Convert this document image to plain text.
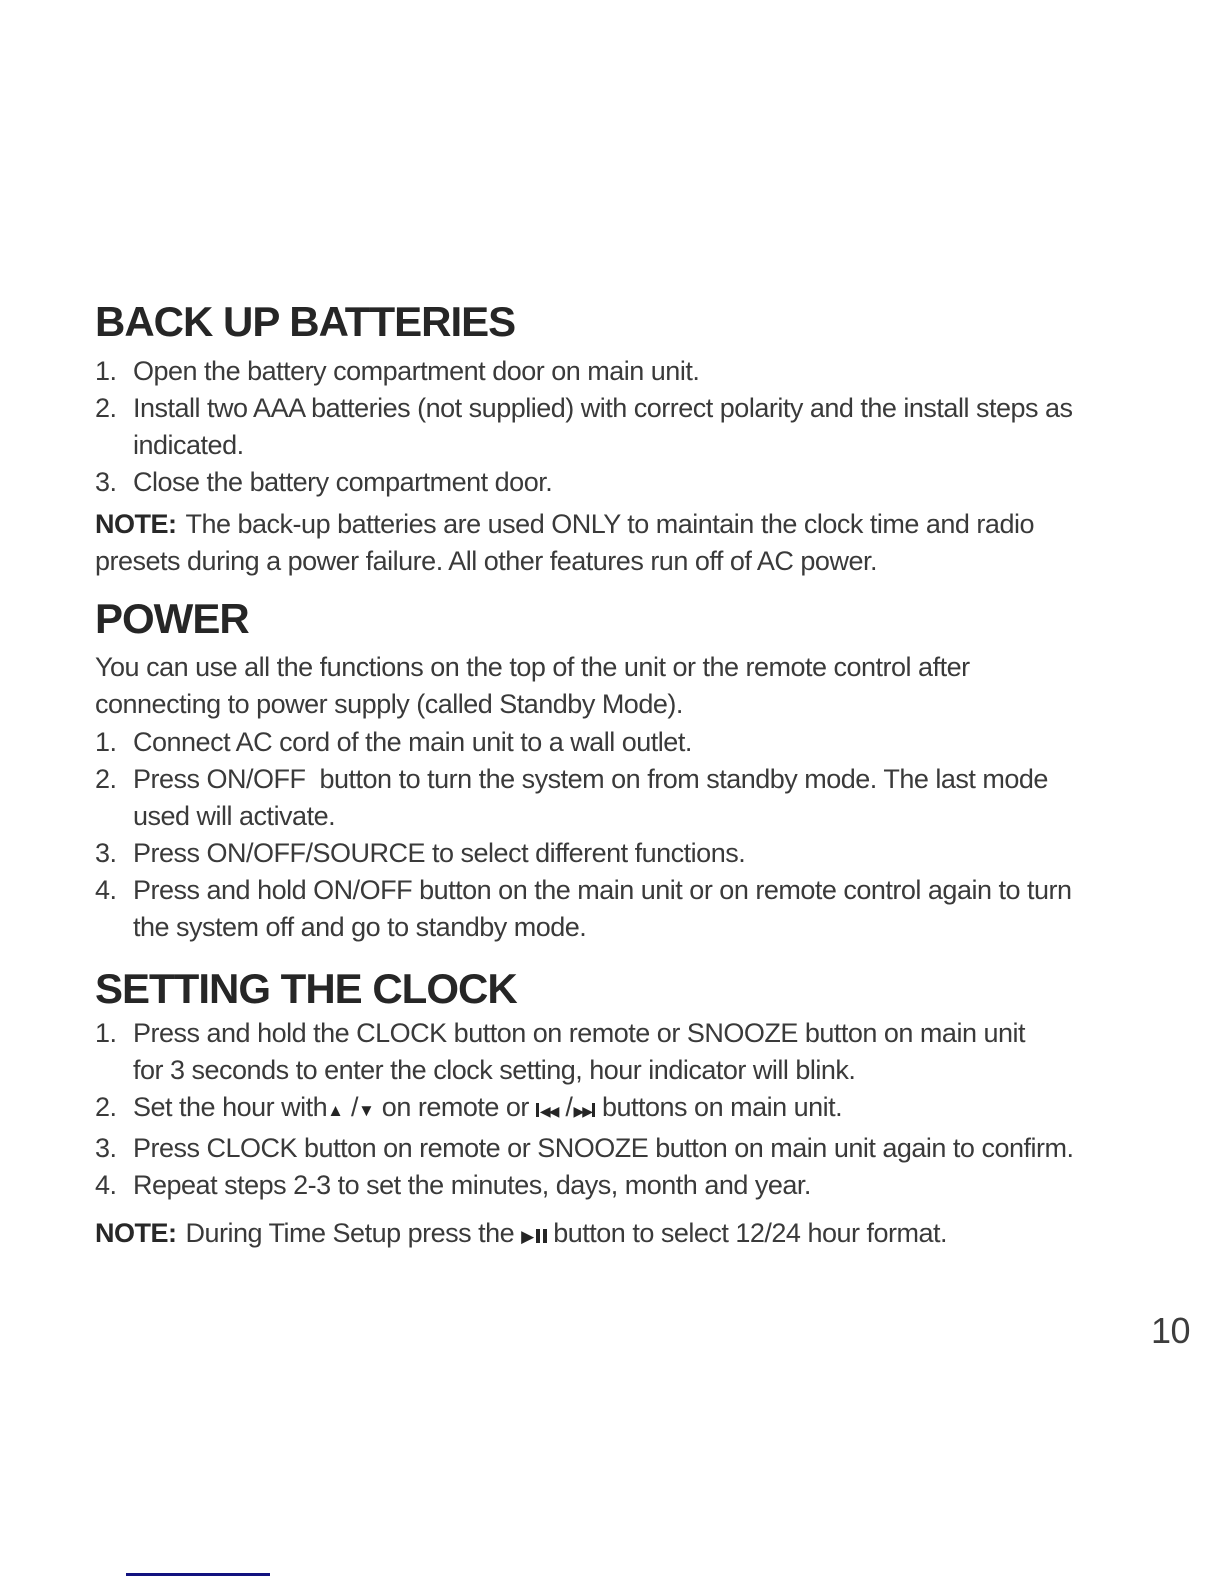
BACK UP BATTERIES
1. Open the battery compartment door on main unit.
2. Install two AAA batteries (not supplied) with correct polarity and the install steps as
indicated.
3. Close the battery compartment door.
NOTE: The back-up batteries are used ONLY to maintain the clock time and radio
presets during a power failure. All other features run off of AC power.
POWER
You can use all the functions on the top of the unit or the remote control after
connecting to power supply (called Standby Mode).
1. Connect AC cord of the main unit to a wall outlet.
2. Press ON/OFF  button to turn the system on from standby mode. The last mode
used will activate.
3. Press ON/OFF/SOURCE to select different functions.
4. Press and hold ON/OFF button on the main unit or on remote control again to turn
the system off and go to standby mode.
SETTING THE CLOCK
1. Press and hold the CLOCK button on remote or SNOOZE button on main unit
for 3 seconds to enter the clock setting, hour indicator will blink.
2. Set the hour with▲ /▼ on remote or ◀◀ /▶▶ buttons on main unit.
3. Press CLOCK button on remote or SNOOZE button on main unit again to confirm.
4. Repeat steps 2-3 to set the minutes, days, month and year.
NOTE: During Time Setup press the ▶ button to select 12/24 hour format.
10
